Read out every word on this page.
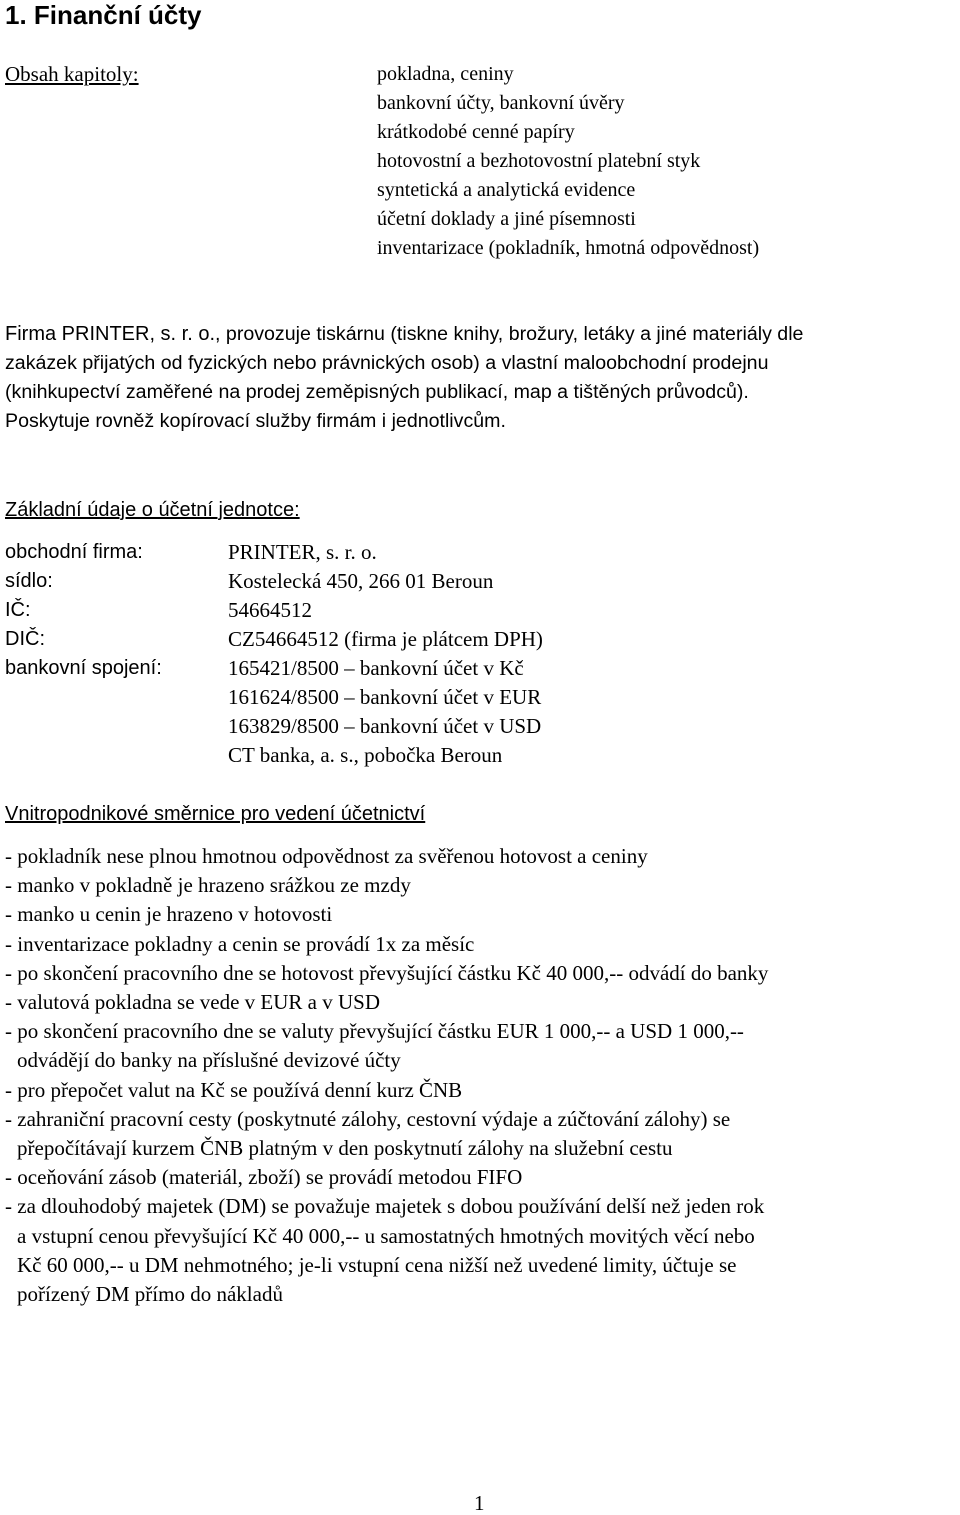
1. Finanční účty
Obsah kapitoly:	pokladna, ceniny
bankovní účty, bankovní úvěry
krátkodobé cenné papíry
hotovostní a bezhotovostní platební styk
syntetická a analytická evidence
účetní doklady a jiné písemnosti
inventarizace (pokladník, hmotná odpovědnost)
Firma PRINTER, s. r. o., provozuje tiskárnu (tiskne knihy, brožury, letáky a jiné materiály dle
zakázek přijatých od fyzických nebo právnických osob) a vlastní maloobchodní prodejnu
(knihkupectví zaměřené na prodej zeměpisných publikací, map a tištěných průvodců).
Poskytuje rovněž kopírovací služby firmám i jednotlivcům.
Základní údaje o účetní jednotce:
obchodní firma:	PRINTER, s. r. o.
sídlo:	Kostelecká 450, 266 01 Beroun
IČ:	54664512
DIČ:	CZ54664512 (firma je plátcem DPH)
bankovní spojení:	165421/8500 – bankovní účet v Kč
	161624/8500 – bankovní účet v EUR
	163829/8500 – bankovní účet v USD
	CT banka, a. s., pobočka Beroun
Vnitropodnikové směrnice pro vedení účetnictví
- pokladník nese plnou hmotnou odpovědnost za svěřenou hotovost a ceniny
- manko v pokladně je hrazeno srážkou ze mzdy
- manko u cenin je hrazeno v hotovosti
- inventarizace pokladny a cenin se provádí 1x za měsíc
- po skončení pracovního dne se hotovost převyšující částku Kč 40 000,-- odvádí do banky
- valutová pokladna se vede v EUR a v USD
- po skončení pracovního dne se valuty převyšující částku EUR 1 000,-- a USD 1 000,--
odvádějí do banky na příslušné devizové účty
- pro přepočet valut na Kč se používá denní kurz ČNB
- zahraniční pracovní cesty (poskytnuté zálohy, cestovní výdaje a zúčtování zálohy) se
přepočítávají kurzem ČNB platným v den poskytnutí zálohy na služební cestu
- oceňování zásob (materiál, zboží) se provádí metodou FIFO
- za dlouhodobý majetek (DM) se považuje majetek s dobou používání delší než jeden rok
a vstupní cenou převyšující Kč 40 000,-- u samostatných hmotných movitých věcí nebo
Kč 60 000,-- u DM nehmotného; je-li vstupní cena nižší než uvedené limity, účtuje se
pořízený DM přímo do nákladů
1
